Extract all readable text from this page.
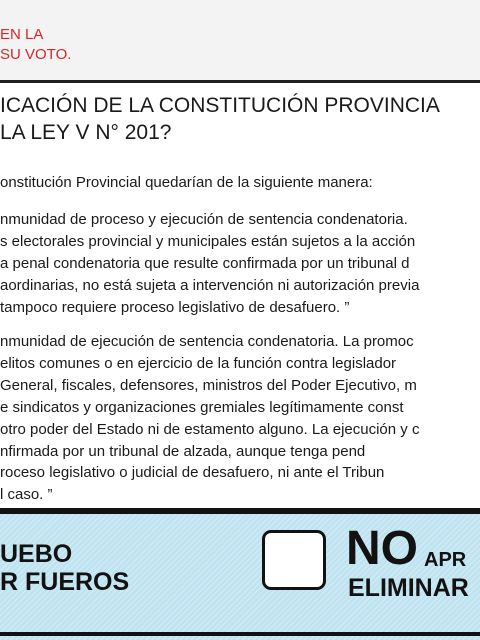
EN LA
SU VOTO.
ICACIÓN DE LA CONSTITUCIÓN PROVINCIA
LA LEY V N° 201?
onstitución Provincial quedarían de la siguiente manera:
nmunidad de proceso y ejecución de sentencia condenatoria.
s electorales provincial y municipales están sujetos a la acción
a penal condenatoria que resulte confirmada por un tribunal d
aordinarias, no está sujeta a intervención ni autorización previa
tampoco requiere proceso legislativo de desafuero. ”
nmunidad de ejecución de sentencia condenatoria. La promoc
elitos comunes o en ejercicio de la función contra legislador
General, fiscales, defensores, ministros del Poder Ejecutivo, m
e sindicatos y organizaciones gremiales legítimamente const
otro poder del Estado ni de estamento alguno. La ejecución y c
nfirmada por un tribunal de alzada, aunque tenga pend
roceso legislativo o judicial de desafuero, ni ante el Tribun
l caso. ”
UEBO
R FUEROS
NO APR
ELIMINAR
